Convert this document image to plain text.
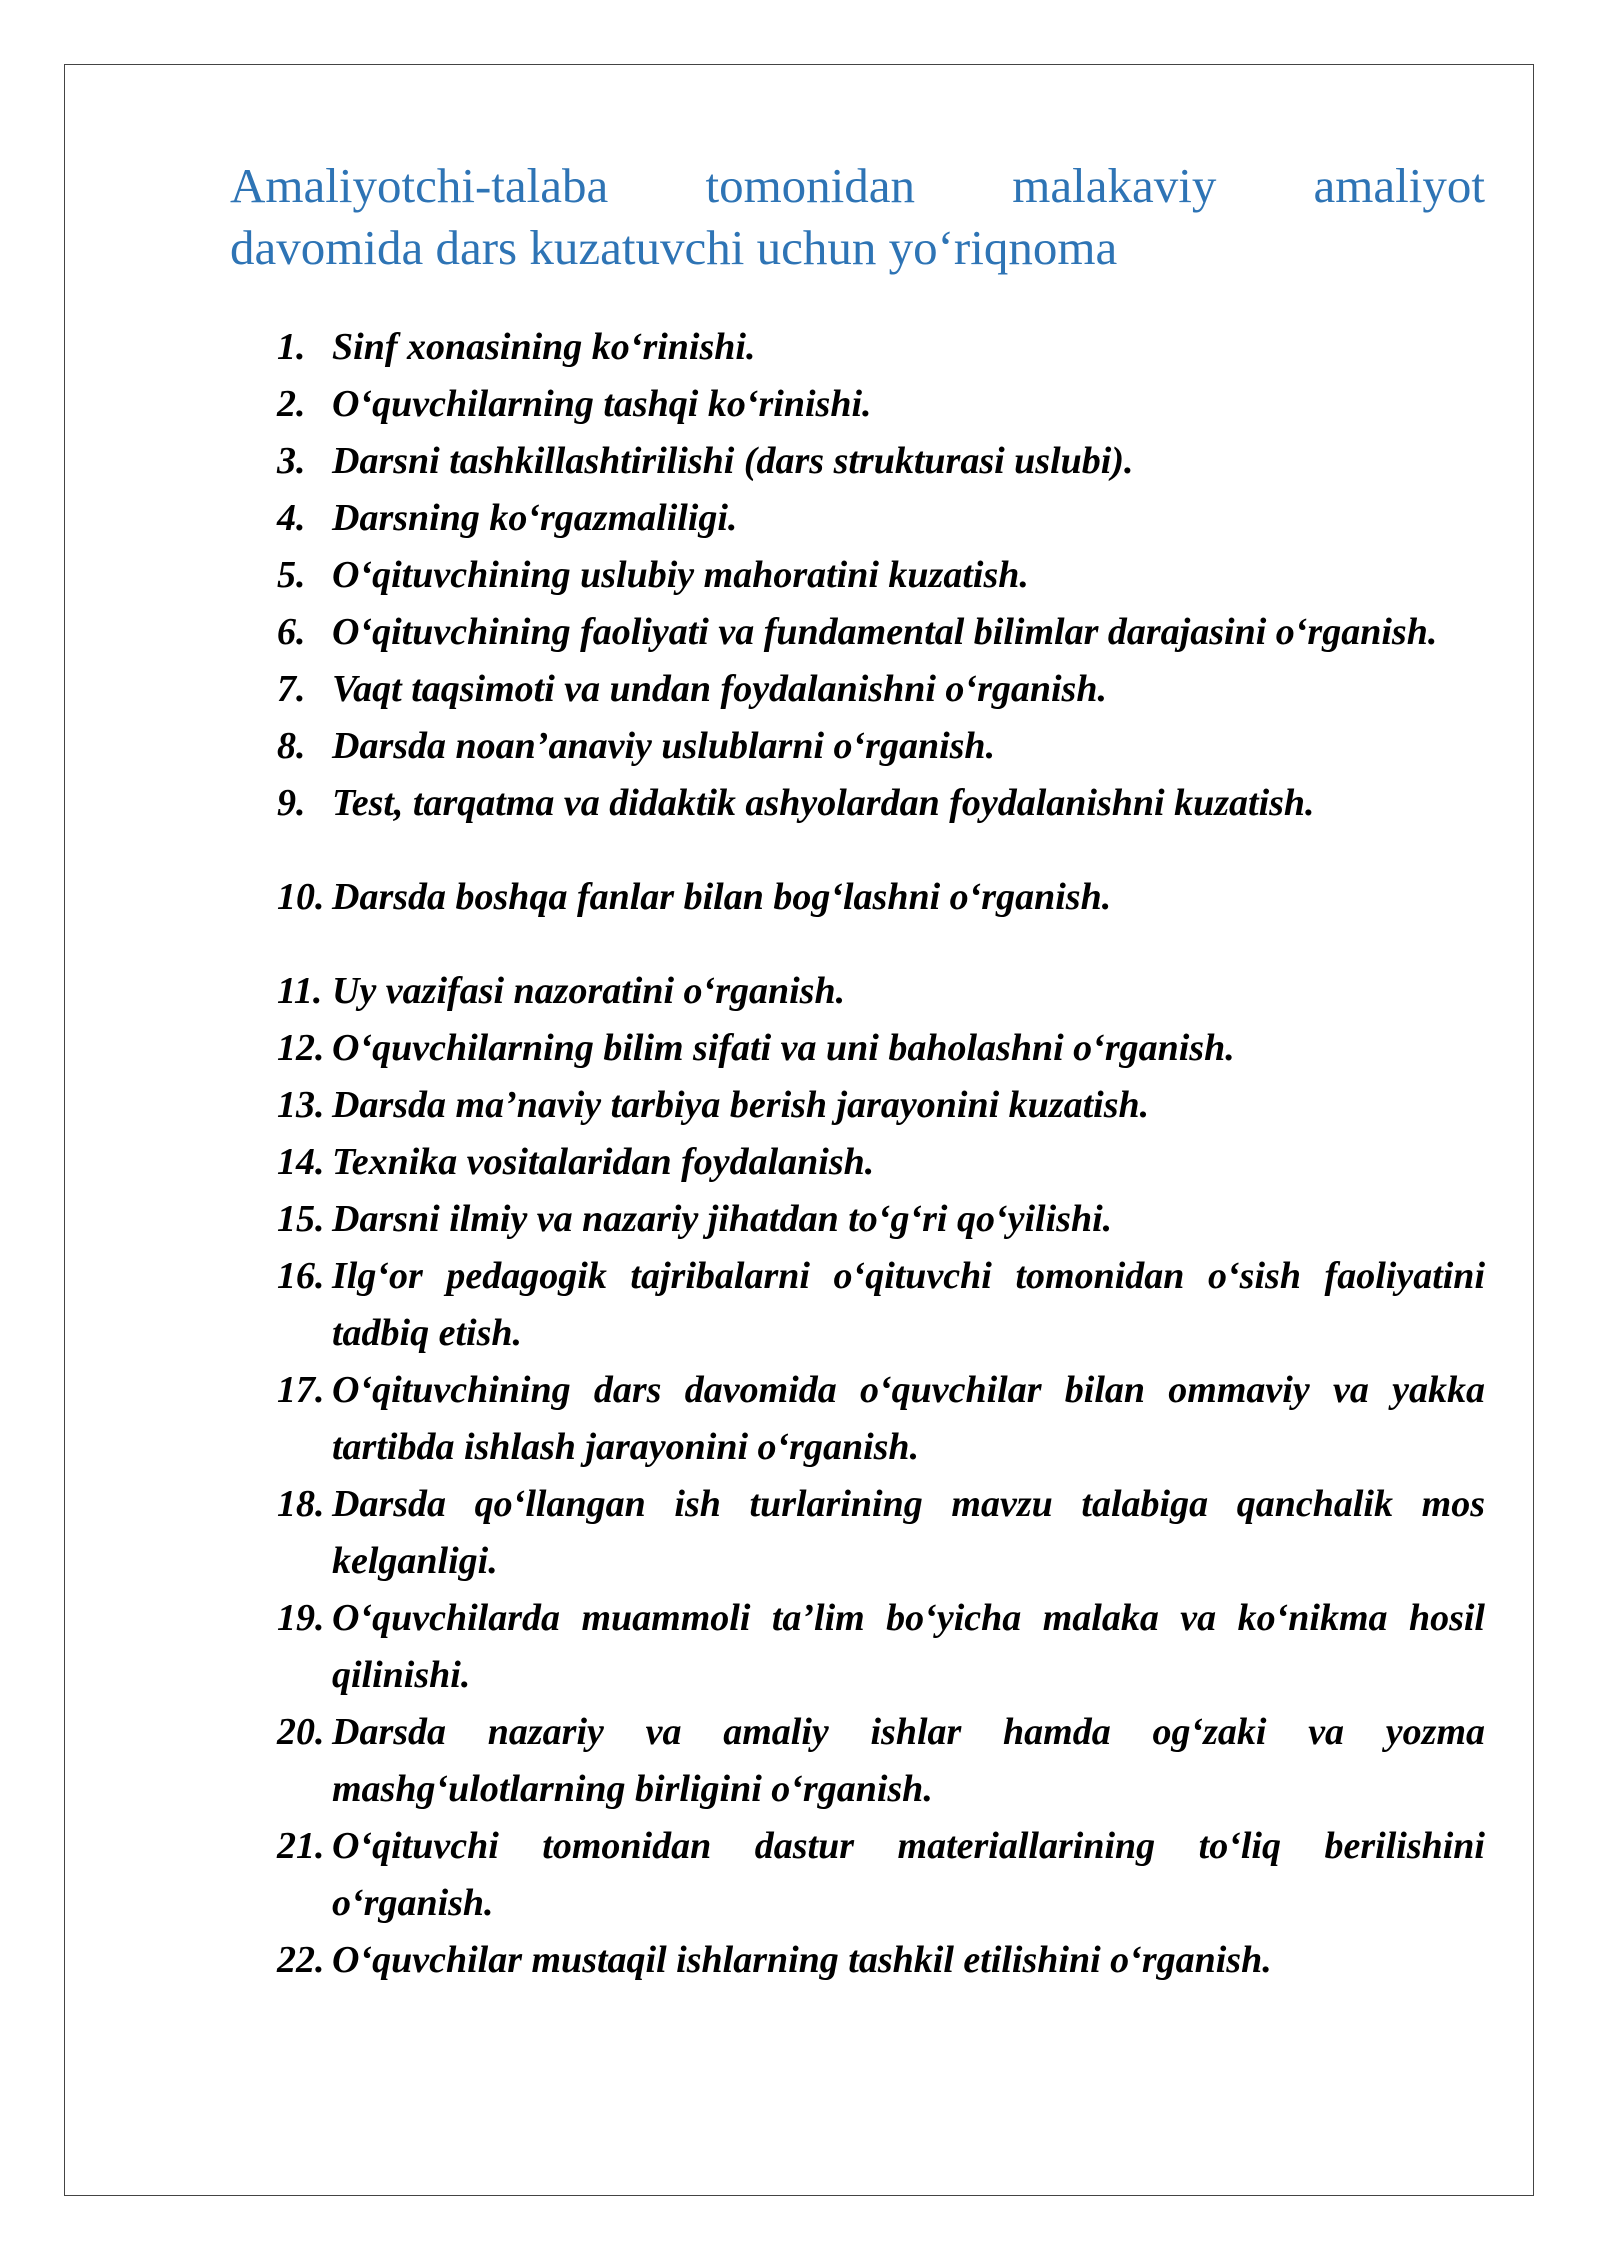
Amaliyotchi-talaba tomonidan malakaviy amaliyot
davomida dars kuzatuvchi uchun yo‘riqnoma
1. Sinf xonasining ko‘rinishi.
2. O‘quvchilarning tashqi ko‘rinishi.
3. Darsni tashkillashtirilishi (dars strukturasi uslubi).
4. Darsning ko‘rgazmaliligi.
5. O‘qituvchining uslubiy mahoratini kuzatish.
6. O‘qituvchining faoliyati va fundamental bilimlar darajasini o‘rganish.
7. Vaqt taqsimoti va undan foydalanishni o‘rganish.
8. Darsda noan’anaviy uslublarni o‘rganish.
9. Test, tarqatma va didaktik ashyolardan foydalanishni kuzatish.
10. Darsda boshqa fanlar bilan bog‘lashni o‘rganish.
11. Uy vazifasi nazoratini o‘rganish.
12. O‘quvchilarning bilim sifati va uni baholashni o‘rganish.
13. Darsda ma’naviy tarbiya berish jarayonini kuzatish.
14. Texnika vositalaridan foydalanish.
15. Darsni ilmiy va nazariy jihatdan to‘g‘ri qo‘yilishi.
16. Ilg‘or pedagogik tajribalarni o‘qituvchi tomonidan o‘sish faoliyatini tadbiq etish.
17. O‘qituvchining dars davomida o‘quvchilar bilan ommaviy va yakka tartibda ishlash jarayonini o‘rganish.
18. Darsda qo‘llangan ish turlarining mavzu talabiga qanchalik mos kelganligi.
19. O‘quvchilarda muammoli ta’lim bo‘yicha malaka va ko‘nikma hosil qilinishi.
20. Darsda nazariy va amaliy ishlar hamda og‘zaki va yozma mashg‘ulotlarning birligini o‘rganish.
21. O‘qituvchi tomonidan dastur materiallarining to‘liq berilishini o‘rganish.
22. O‘quvchilar mustaqil ishlarning tashkil etilishini o‘rganish.
